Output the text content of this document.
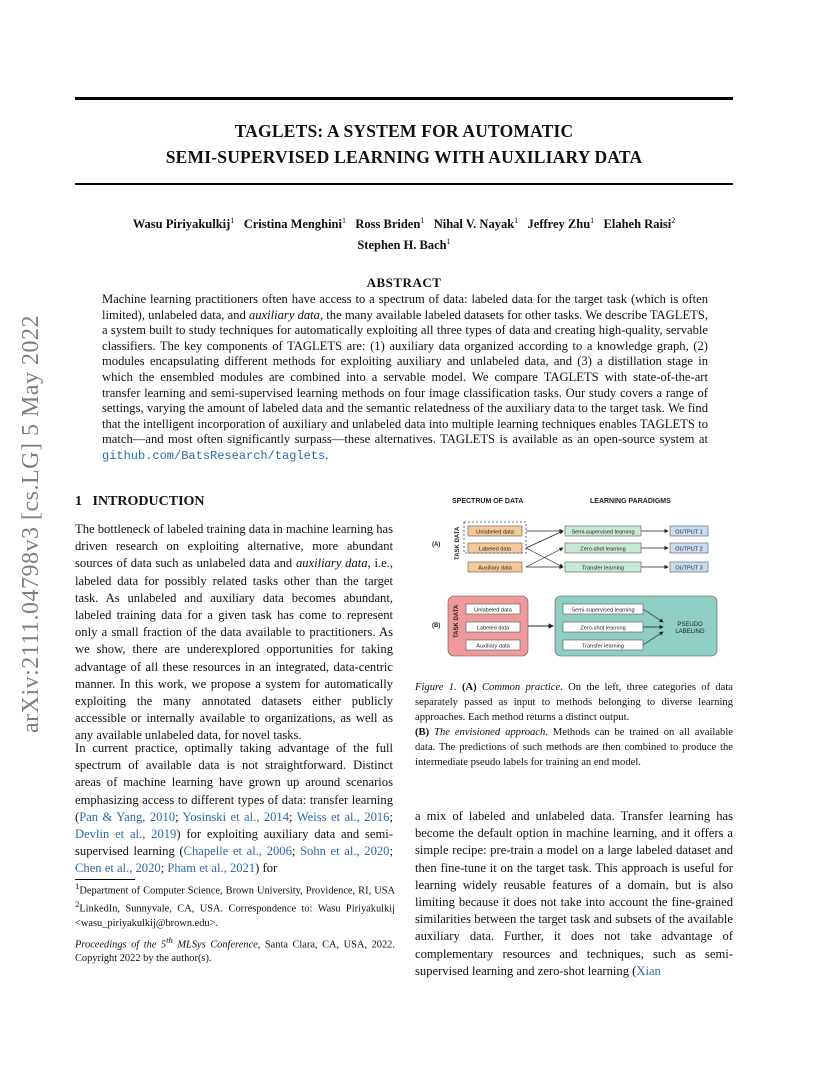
arXiv:2111.04798v3 [cs.LG] 5 May 2022
TAGLETS: A SYSTEM FOR AUTOMATIC
SEMI-SUPERVISED LEARNING WITH AUXILIARY DATA
Wasu Piriyakulkij$^1$ Cristina Menghini$^1$ Ross Briden$^1$ Nihal V. Nayak$^1$ Jeffrey Zhu$^1$ Elaheh Raisi$^2$
Stephen H. Bach$^1$
ABSTRACT
Machine learning practitioners often have access to a spectrum of data: labeled data for the target task (which is often limited), unlabeled data, and auxiliary data, the many available labeled datasets for other tasks. We describe TAGLETS, a system built to study techniques for automatically exploiting all three types of data and creating high-quality, servable classifiers. The key components of TAGLETS are: (1) auxiliary data organized according to a knowledge graph, (2) modules encapsulating different methods for exploiting auxiliary and unlabeled data, and (3) a distillation stage in which the ensembled modules are combined into a servable model. We compare TAGLETS with state-of-the-art transfer learning and semi-supervised learning methods on four image classification tasks. Our study covers a range of settings, varying the amount of labeled data and the semantic relatedness of the auxiliary data to the target task. We find that the intelligent incorporation of auxiliary and unlabeled data into multiple learning techniques enables TAGLETS to match—and most often significantly surpass—these alternatives. TAGLETS is available as an open-source system at github.com/BatsResearch/taglets.
1 INTRODUCTION
The bottleneck of labeled training data in machine learning has driven research on exploiting alternative, more abundant sources of data such as unlabeled data and auxiliary data, i.e., labeled data for possibly related tasks other than the target task. As unlabeled and auxiliary data becomes abundant, labeled training data for a given task has come to represent only a small fraction of the data available to practitioners. As we show, there are underexplored opportunities for taking advantage of all these resources in an integrated, data-centric manner. In this work, we propose a system for automatically exploiting the many annotated datasets either publicly accessible or internally available to organizations, as well as any available unlabeled data, for novel tasks.
In current practice, optimally taking advantage of the full spectrum of available data is not straightforward. Distinct areas of machine learning have grown up around scenarios emphasizing access to different types of data: transfer learning (Pan & Yang, 2010; Yosinski et al., 2014; Weiss et al., 2016; Devlin et al., 2019) for exploiting auxiliary data and semi-supervised learning (Chapelle et al., 2006; Sohn et al., 2020; Chen et al., 2020; Pham et al., 2021) for
$^1$Department of Computer Science, Brown University, Providence, RI, USA $^2$LinkedIn, Sunnyvale, CA, USA. Correspondence to: Wasu Piriyakulkij <wasu_piriyakulkij@brown.edu>.
Proceedings of the 5th MLSys Conference, Santa Clara, CA, USA, 2022. Copyright 2022 by the author(s).
SPECTRUM OF DATA	LEARNING PARADIGMS
(A) TASK DATA	Unlabeled data
Labeled data
Auxiliary data
Semi-supervised learning
Zero-shot learning
Transfer learning
OUTPUT 1
OUTPUT 2
OUTPUT 3
(B) TASK DATA	Unlabeled data
Labeled data
Auxiliary data
Semi-supervised learning
Zero-shot learning
Transfer learning
PSEUDO
LABELING
Figure 1. (A) Common practice. On the left, three categories of data separately passed as input to methods belonging to diverse learning approaches. Each method returns a distinct output.
(B) The envisioned approach. Methods can be trained on all available data. The predictions of such methods are then combined to produce the intermediate pseudo labels for training an end model.
a mix of labeled and unlabeled data. Transfer learning has become the default option in machine learning, and it offers a simple recipe: pre-train a model on a large labeled dataset and then fine-tune it on the target task. This approach is useful for learning widely reusable features of a domain, but is also limiting because it does not take into account the fine-grained similarities between the target task and subsets of the available auxiliary data. Further, it does not take advantage of complementary resources and techniques, such as semi-supervised learning and zero-shot learning (Xian
